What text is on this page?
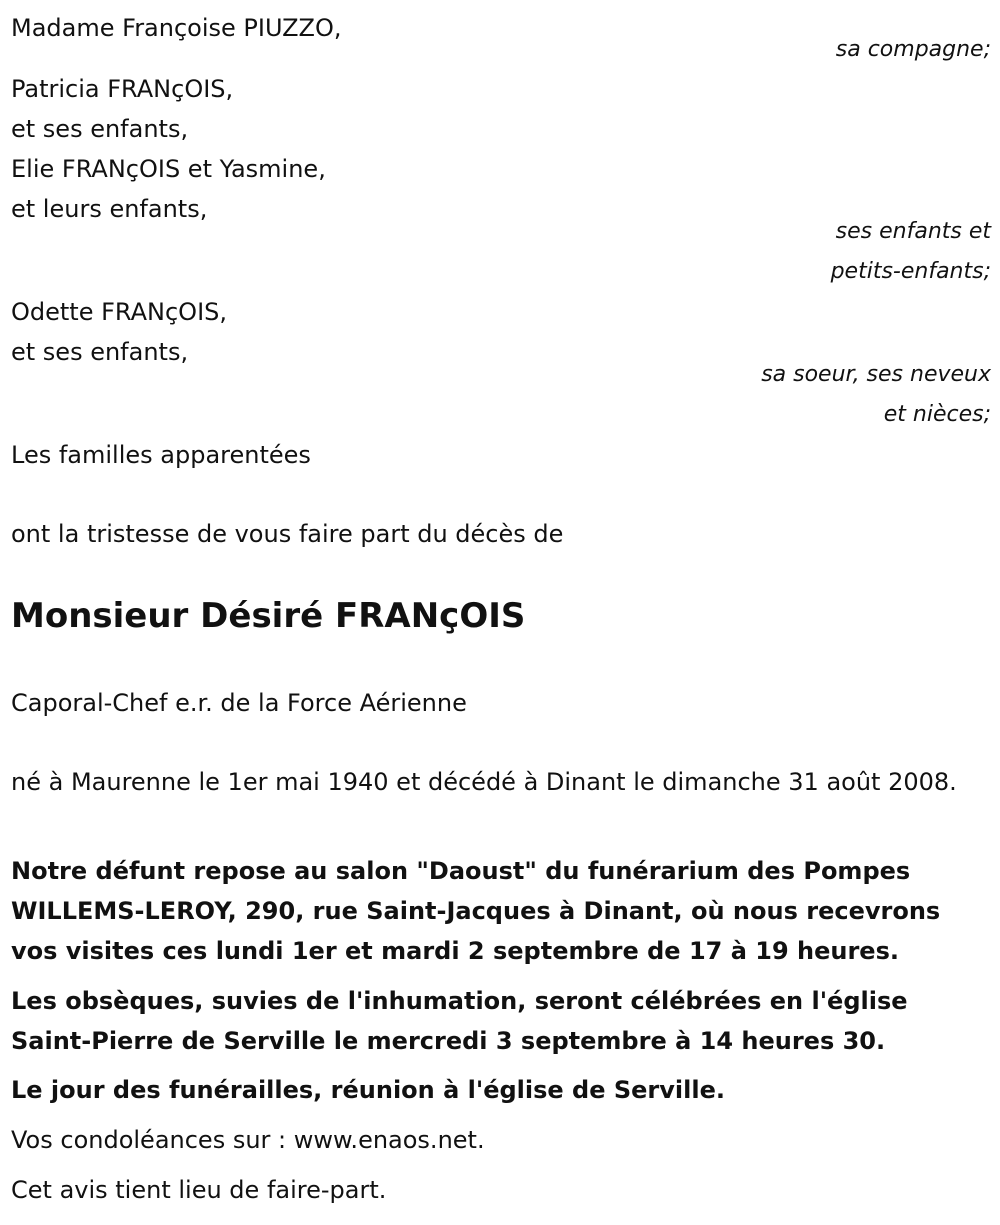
Madame Françoise PIUZZO,
sa compagne;
Patricia FRANçOIS,
et ses enfants,
Elie FRANçOIS et Yasmine,
et leurs enfants,
ses enfants et
petits-enfants;
Odette FRANçOIS,
et ses enfants,
sa soeur, ses neveux
et nièces;
Les familles apparentées
ont la tristesse de vous faire part du décès de
Monsieur Désiré FRANçOIS
Caporal-Chef e.r. de la Force Aérienne
né à Maurenne le 1er mai 1940 et décédé à Dinant le dimanche 31 août 2008.
Notre défunt repose au salon "Daoust" du funérarium des Pompes WILLEMS-LEROY, 290, rue Saint-Jacques à Dinant, où nous recevrons vos visites ces lundi 1er et mardi 2 septembre de 17 à 19 heures.
Les obsèques, suvies de l'inhumation, seront célébrées en l'église Saint-Pierre de Serville le mercredi 3 septembre à 14 heures 30.
Le jour des funérailles, réunion à l'église de Serville.
Vos condoléances sur : www.enaos.net.
Cet avis tient lieu de faire-part.
